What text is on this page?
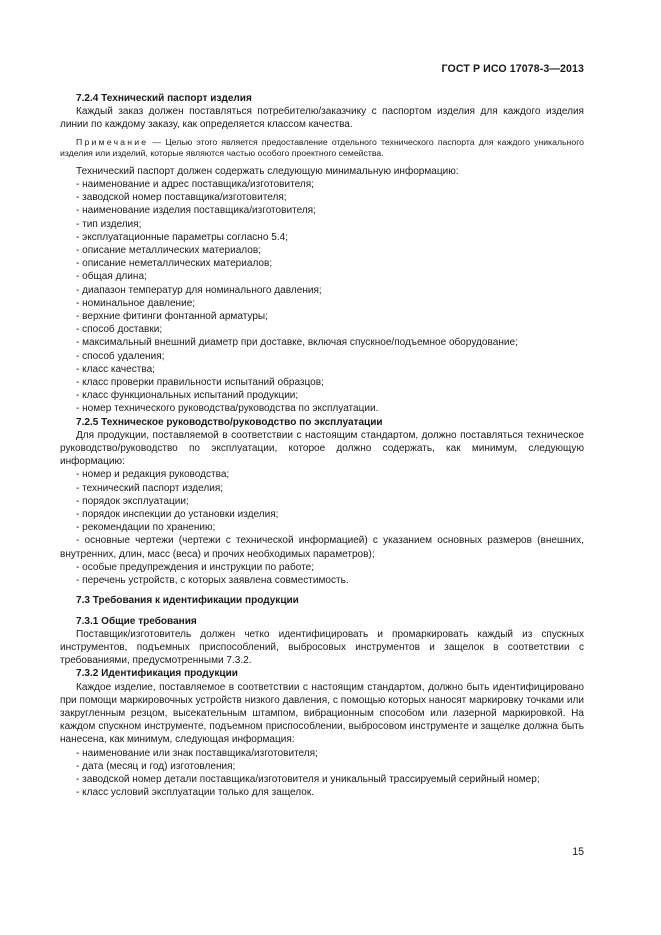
ГОСТ Р ИСО 17078-3—2013
7.2.4 Технический паспорт изделия

Каждый заказ должен поставляться потребителю/заказчику с паспортом изделия для каждого изделия линии по каждому заказу, как определяется классом качества.

Примечание — Целью этого является предоставление отдельного технического паспорта для каждого уникального изделия или изделий, которые являются частью особого проектного семейства.

Технический паспорт должен содержать следующую минимальную информацию:

- наименование и адрес поставщика/изготовителя;

- заводской номер поставщика/изготовителя;

- наименование изделия поставщика/изготовителя;

- тип изделия;

- эксплуатационные параметры согласно 5.4;

- описание металлических материалов;

- описание неметаллических материалов;

- общая длина;

- диапазон температур для номинального давления;

- номинальное давление;

- верхние фитинги фонтанной арматуры;

- способ доставки;

- максимальный внешний диаметр при доставке, включая спускное/подъемное оборудование;

- способ удаления;

- класс качества;

- класс проверки правильности испытаний образцов;

- класс функциональных испытаний продукции;

- номер технического руководства/руководства по эксплуатации.

7.2.5 Техническое руководство/руководство по эксплуатации

Для продукции, поставляемой в соответствии с настоящим стандартом, должно поставляться техническое руководство/руководство по эксплуатации, которое должно содержать, как минимум, следующую информацию:

- номер и редакция руководства;

- технический паспорт изделия;

- порядок эксплуатации;

- порядок инспекции до установки изделия;

- рекомендации по хранению;

- основные чертежи (чертежи с технической информацией) с указанием основных размеров (внешних, внутренних, длин, масс (веса) и прочих необходимых параметров);

- особые предупреждения и инструкции по работе;

- перечень устройств, с которых заявлена совместимость.

7.3 Требования к идентификации продукции
7.3.1 Общие требования

Поставщик/изготовитель должен четко идентифицировать и промаркировать каждый из спускных инструментов, подъемных приспособлений, выбросовых инструментов и защелок в соответствии с требованиями, предусмотренными 7.3.2.

7.3.2 Идентификация продукции

Каждое изделие, поставляемое в соответствии с настоящим стандартом, должно быть идентифицировано при помощи маркировочных устройств низкого давления, с помощью которых наносят маркировку точками или закругленным резцом, высекательным штампом, вибрационным способом или лазерной маркировкой. На каждом спускном инструменте, подъемном приспособлении, выбросовом инструменте и защелке должна быть нанесена, как минимум, следующая информация:

- наименование или знак поставщика/изготовителя;

- дата (месяц и год) изготовления;

- заводской номер детали поставщика/изготовителя и уникальный трассируемый серийный номер;

- класс условий эксплуатации только для защелок.

15
